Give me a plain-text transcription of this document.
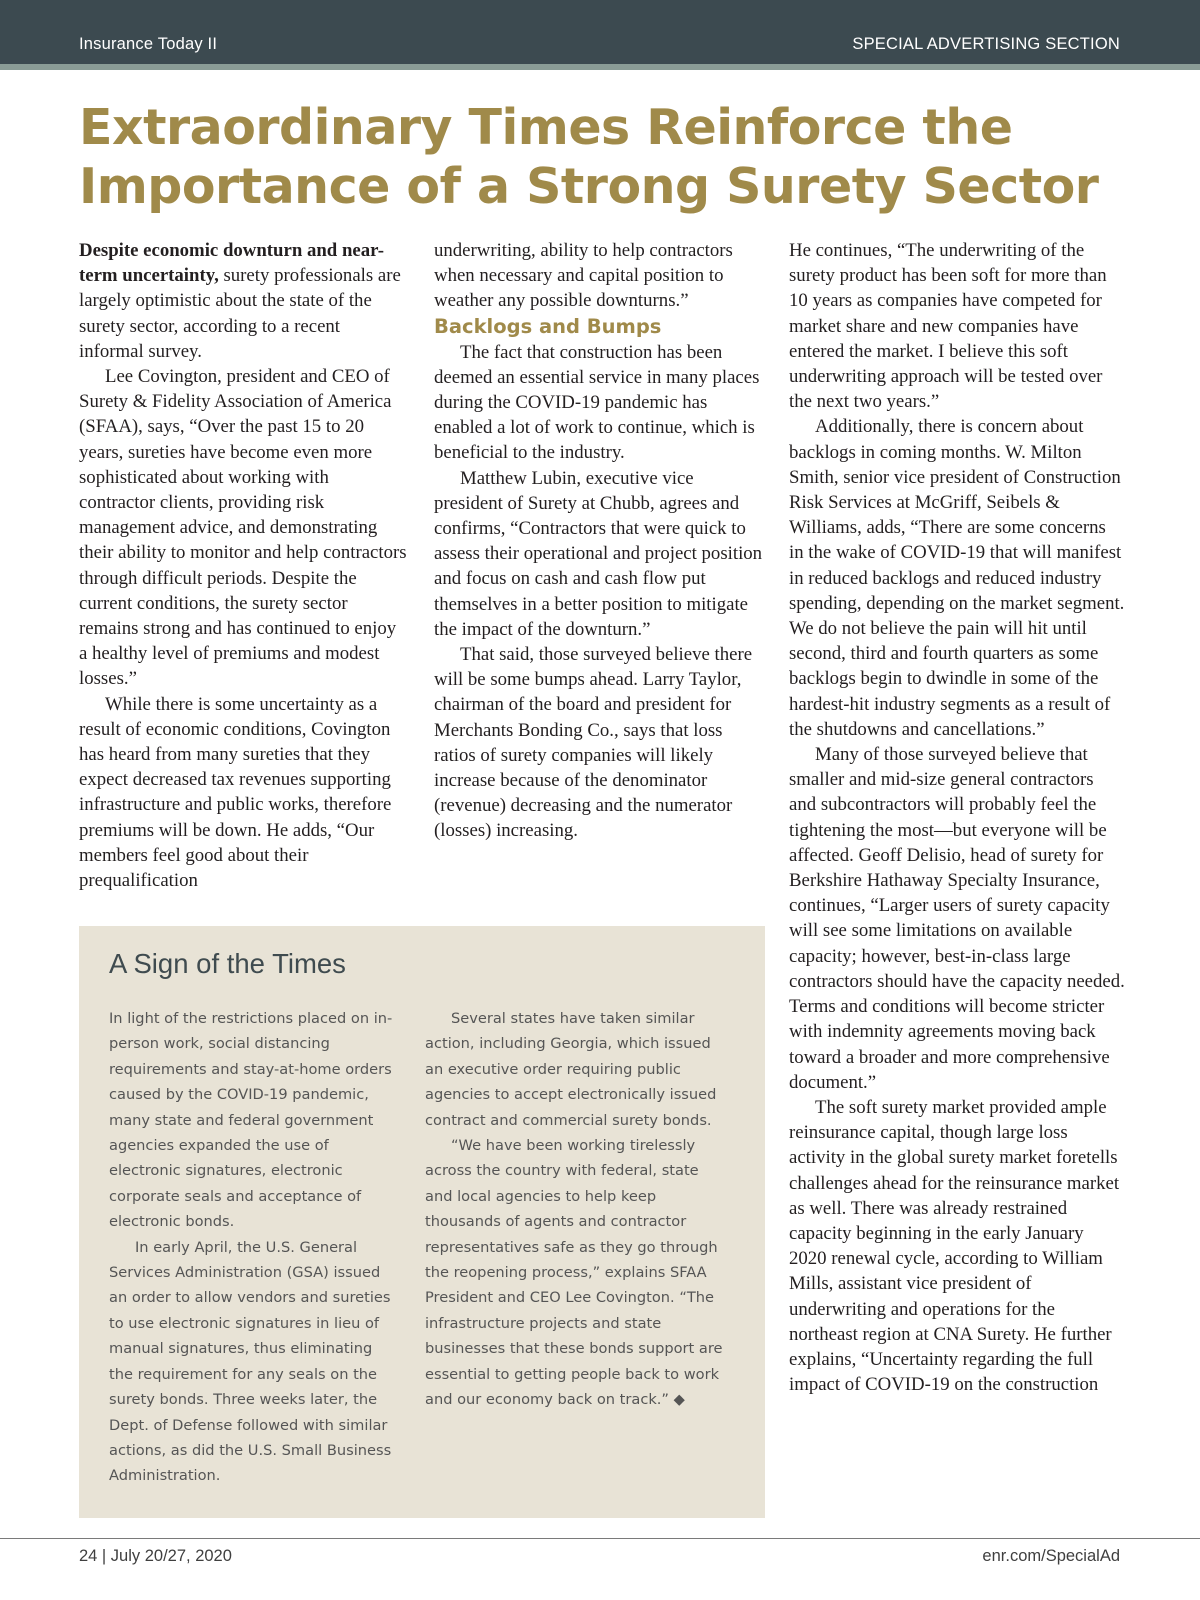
Insurance Today II	SPECIAL ADVERTISING SECTION
Extraordinary Times Reinforce the Importance of a Strong Surety Sector

Despite economic downturn and near-term uncertainty, surety professionals are largely optimistic about the state of the surety sector, according to a recent informal survey.

Lee Covington, president and CEO of Surety & Fidelity Association of America (SFAA), says, “Over the past 15 to 20 years, sureties have become even more sophisticated about working with contractor clients, providing risk management advice, and demonstrating their ability to monitor and help contractors through difficult periods. Despite the current conditions, the surety sector remains strong and has continued to enjoy a healthy level of premiums and modest losses.”

While there is some uncertainty as a result of economic conditions, Covington has heard from many sureties that they expect decreased tax revenues supporting infrastructure and public works, therefore premiums will be down. He adds, “Our members feel good about their prequalification

underwriting, ability to help contractors when necessary and capital position to weather any possible downturns.”

Backlogs and Bumps

The fact that construction has been deemed an essential service in many places during the COVID-19 pandemic has enabled a lot of work to continue, which is beneficial to the industry.

Matthew Lubin, executive vice president of Surety at Chubb, agrees and confirms, “Contractors that were quick to assess their operational and project position and focus on cash and cash flow put themselves in a better position to mitigate the impact of the downturn.”

That said, those surveyed believe there will be some bumps ahead. Larry Taylor, chairman of the board and president for Merchants Bonding Co., says that loss ratios of surety companies will likely increase because of the denominator (revenue) decreasing and the numerator (losses) increasing.

He continues, “The underwriting of the surety product has been soft for more than 10 years as companies have competed for market share and new companies have entered the market. I believe this soft underwriting approach will be tested over the next two years.”

Additionally, there is concern about backlogs in coming months. W. Milton Smith, senior vice president of Construction Risk Services at McGriff, Seibels & Williams, adds, “There are some concerns in the wake of COVID-19 that will manifest in reduced backlogs and reduced industry spending, depending on the market segment. We do not believe the pain will hit until second, third and fourth quarters as some backlogs begin to dwindle in some of the hardest-hit industry segments as a result of the shutdowns and cancellations.”

Many of those surveyed believe that smaller and mid-size general contractors and subcontractors will probably feel the tightening the most—but everyone will be affected. Geoff Delisio, head of surety for Berkshire Hathaway Specialty Insurance, continues, “Larger users of surety capacity will see some limitations on available capacity; however, best-in-class large contractors should have the capacity needed. Terms and conditions will become stricter with indemnity agreements moving back toward a broader and more comprehensive document.”

The soft surety market provided ample reinsurance capital, though large loss activity in the global surety market foretells challenges ahead for the reinsurance market as well. There was already restrained capacity beginning in the early January 2020 renewal cycle, according to William Mills, assistant vice president of underwriting and operations for the northeast region at CNA Surety. He further explains, “Uncertainty regarding the full impact of COVID-19 on the construction

A Sign of the Times

In light of the restrictions placed on in-person work, social distancing requirements and stay-at-home orders caused by the COVID-19 pandemic, many state and federal government agencies expanded the use of electronic signatures, electronic corporate seals and acceptance of electronic bonds.

In early April, the U.S. General Services Administration (GSA) issued an order to allow vendors and sureties to use electronic signatures in lieu of manual signatures, thus eliminating the requirement for any seals on the surety bonds. Three weeks later, the Dept. of Defense followed with similar actions, as did the U.S. Small Business Administration.

Several states have taken similar action, including Georgia, which issued an executive order requiring public agencies to accept electronically issued contract and commercial surety bonds.

“We have been working tirelessly across the country with federal, state and local agencies to help keep thousands of agents and contractor representatives safe as they go through the reopening process,” explains SFAA President and CEO Lee Covington. “The infrastructure projects and state businesses that these bonds support are essential to getting people back to work and our economy back on track.” ◆

24 | July 20/27, 2020	enr.com/SpecialAd
